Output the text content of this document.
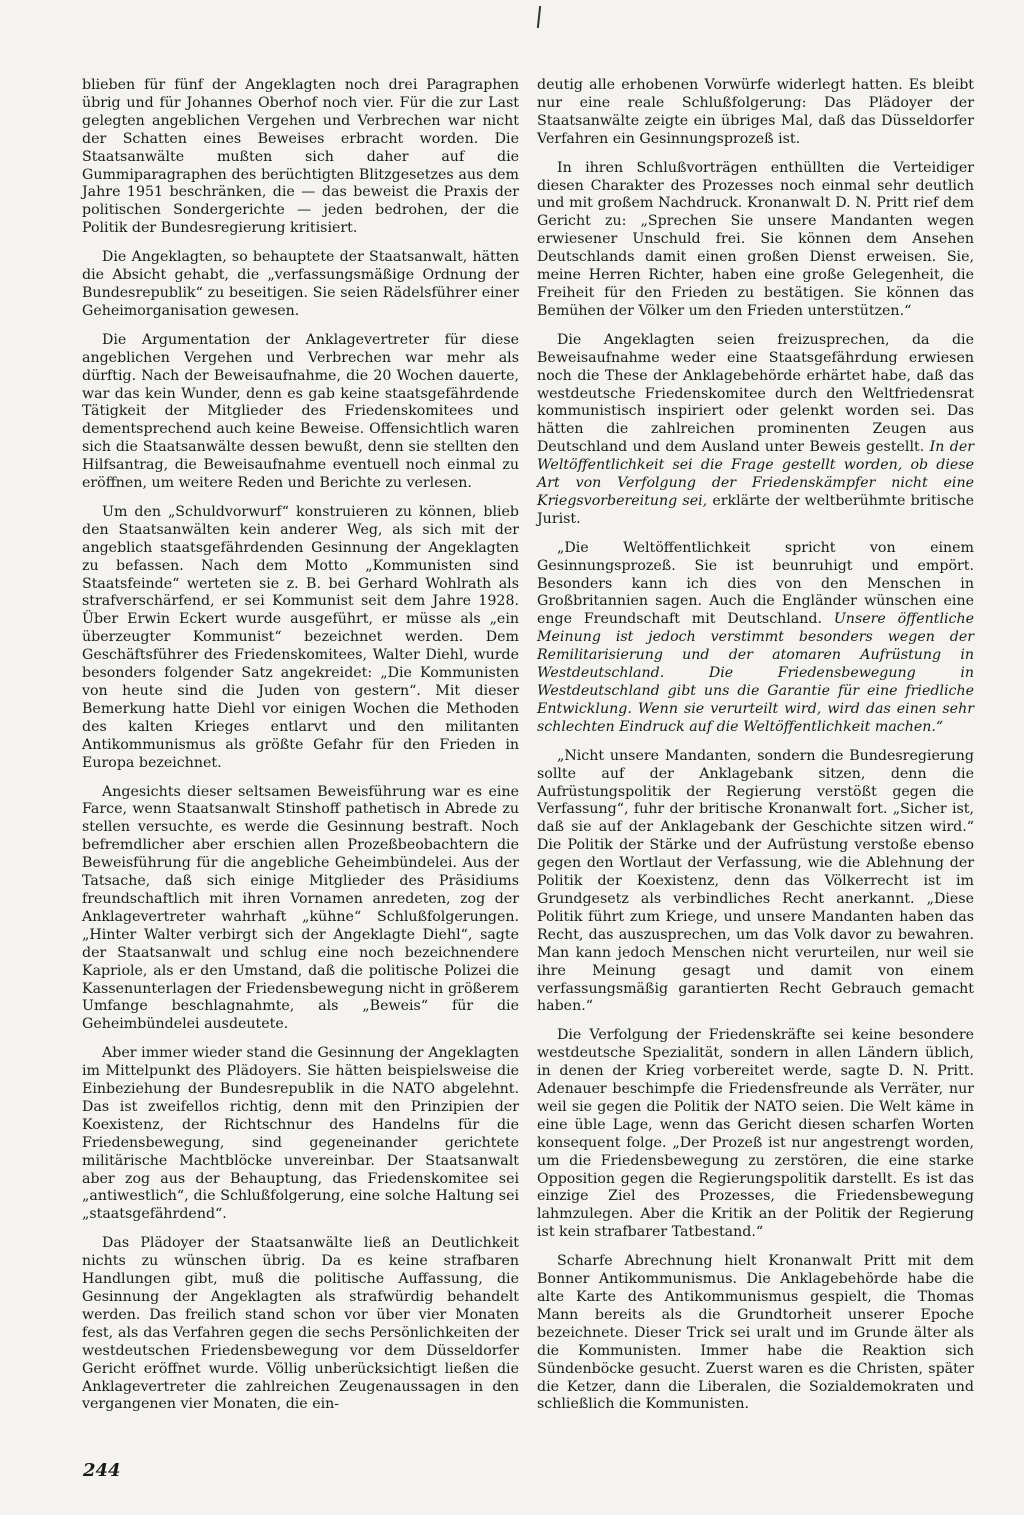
blieben für fünf der Angeklagten noch drei Paragraphen übrig und für Johannes Oberhof noch vier. Für die zur Last gelegten angeblichen Vergehen und Verbrechen war nicht der Schatten eines Beweises erbracht worden. Die Staatsanwälte mußten sich daher auf die Gummiparagraphen des berüchtigten Blitzgesetzes aus dem Jahre 1951 beschränken, die — das beweist die Praxis der politischen Sondergerichte — jeden bedrohen, der die Politik der Bundesregierung kritisiert.

Die Angeklagten, so behauptete der Staatsanwalt, hätten die Absicht gehabt, die „verfassungsmäßige Ordnung der Bundesrepublik“ zu beseitigen. Sie seien Rädelsführer einer Geheimorganisation gewesen.

Die Argumentation der Anklagevertreter für diese angeblichen Vergehen und Verbrechen war mehr als dürftig. Nach der Beweisaufnahme, die 20 Wochen dauerte, war das kein Wunder, denn es gab keine staatsgefährdende Tätigkeit der Mitglieder des Friedenskomitees und dementsprechend auch keine Beweise. Offensichtlich waren sich die Staatsanwälte dessen bewußt, denn sie stellten den Hilfsantrag, die Beweisaufnahme eventuell noch einmal zu eröffnen, um weitere Reden und Berichte zu verlesen.

Um den „Schuldvorwurf“ konstruieren zu können, blieb den Staatsanwälten kein anderer Weg, als sich mit der angeblich staatsgefährdenden Gesinnung der Angeklagten zu befassen. Nach dem Motto „Kommunisten sind Staatsfeinde“ werteten sie z. B. bei Gerhard Wohlrath als strafverschärfend, er sei Kommunist seit dem Jahre 1928. Über Erwin Eckert wurde ausgeführt, er müsse als „ein überzeugter Kommunist“ bezeichnet werden. Dem Geschäftsführer des Friedenskomitees, Walter Diehl, wurde besonders folgender Satz angekreidet: „Die Kommunisten von heute sind die Juden von gestern“. Mit dieser Bemerkung hatte Diehl vor einigen Wochen die Methoden des kalten Krieges entlarvt und den militanten Antikommunismus als größte Gefahr für den Frieden in Europa bezeichnet.

Angesichts dieser seltsamen Beweisführung war es eine Farce, wenn Staatsanwalt Stinshoff pathetisch in Abrede zu stellen versuchte, es werde die Gesinnung bestraft. Noch befremdlicher aber erschien allen Prozeßbeobachtern die Beweisführung für die angebliche Geheimbündelei. Aus der Tatsache, daß sich einige Mitglieder des Präsidiums freundschaftlich mit ihren Vornamen anredeten, zog der Anklagevertreter wahrhaft „kühne“ Schlußfolgerungen. „Hinter Walter verbirgt sich der Angeklagte Diehl“, sagte der Staatsanwalt und schlug eine noch bezeichnendere Kapriole, als er den Umstand, daß die politische Polizei die Kassenunterlagen der Friedensbewegung nicht in größerem Umfange beschlagnahmte, als „Beweis“ für die Geheimbündelei ausdeutete.

Aber immer wieder stand die Gesinnung der Angeklagten im Mittelpunkt des Plädoyers. Sie hätten beispielsweise die Einbeziehung der Bundesrepublik in die NATO abgelehnt. Das ist zweifellos richtig, denn mit den Prinzipien der Koexistenz, der Richtschnur des Handelns für die Friedensbewegung, sind gegeneinander gerichtete militärische Machtblöcke unvereinbar. Der Staatsanwalt aber zog aus der Behauptung, das Friedenskomitee sei „antiwestlich“, die Schlußfolgerung, eine solche Haltung sei „staatsgefährdend“.

Das Plädoyer der Staatsanwälte ließ an Deutlichkeit nichts zu wünschen übrig. Da es keine strafbaren Handlungen gibt, muß die politische Auffassung, die Gesinnung der Angeklagten als strafwürdig behandelt werden. Das freilich stand schon vor über vier Monaten fest, als das Verfahren gegen die sechs Persönlichkeiten der westdeutschen Friedensbewegung vor dem Düsseldorfer Gericht eröffnet wurde. Völlig unberücksichtigt ließen die Anklagevertreter die zahlreichen Zeugenaussagen in den vergangenen vier Monaten, die ein-

deutig alle erhobenen Vorwürfe widerlegt hatten. Es bleibt nur eine reale Schlußfolgerung: Das Plädoyer der Staatsanwälte zeigte ein übriges Mal, daß das Düsseldorfer Verfahren ein Gesinnungsprozeß ist.

In ihren Schlußvorträgen enthüllten die Verteidiger diesen Charakter des Prozesses noch einmal sehr deutlich und mit großem Nachdruck. Kronanwalt D. N. Pritt rief dem Gericht zu: „Sprechen Sie unsere Mandanten wegen erwiesener Unschuld frei. Sie können dem Ansehen Deutschlands damit einen großen Dienst erweisen. Sie, meine Herren Richter, haben eine große Gelegenheit, die Freiheit für den Frieden zu bestätigen. Sie können das Bemühen der Völker um den Frieden unterstützen.“

Die Angeklagten seien freizusprechen, da die Beweisaufnahme weder eine Staatsgefährdung erwiesen noch die These der Anklagebehörde erhärtet habe, daß das westdeutsche Friedenskomitee durch den Weltfriedensrat kommunistisch inspiriert oder gelenkt worden sei. Das hätten die zahlreichen prominenten Zeugen aus Deutschland und dem Ausland unter Beweis gestellt. In der Weltöffentlichkeit sei die Frage gestellt worden, ob diese Art von Verfolgung der Friedenskämpfer nicht eine Kriegsvorbereitung sei, erklärte der weltberühmte britische Jurist.

„Die Weltöffentlichkeit spricht von einem Gesinnungsprozeß. Sie ist beunruhigt und empört. Besonders kann ich dies von den Menschen in Großbritannien sagen. Auch die Engländer wünschen eine enge Freundschaft mit Deutschland. Unsere öffentliche Meinung ist jedoch verstimmt besonders wegen der Remilitarisierung und der atomaren Aufrüstung in Westdeutschland. Die Friedensbewegung in Westdeutschland gibt uns die Garantie für eine friedliche Entwicklung. Wenn sie verurteilt wird, wird das einen sehr schlechten Eindruck auf die Weltöffentlichkeit machen.“

„Nicht unsere Mandanten, sondern die Bundesregierung sollte auf der Anklagebank sitzen, denn die Aufrüstungspolitik der Regierung verstößt gegen die Verfassung“, fuhr der britische Kronanwalt fort. „Sicher ist, daß sie auf der Anklagebank der Geschichte sitzen wird.“ Die Politik der Stärke und der Aufrüstung verstoße ebenso gegen den Wortlaut der Verfassung, wie die Ablehnung der Politik der Koexistenz, denn das Völkerrecht ist im Grundgesetz als verbindliches Recht anerkannt. „Diese Politik führt zum Kriege, und unsere Mandanten haben das Recht, das auszusprechen, um das Volk davor zu bewahren. Man kann jedoch Menschen nicht verurteilen, nur weil sie ihre Meinung gesagt und damit von einem verfassungsmäßig garantierten Recht Gebrauch gemacht haben.“

Die Verfolgung der Friedenskräfte sei keine besondere westdeutsche Spezialität, sondern in allen Ländern üblich, in denen der Krieg vorbereitet werde, sagte D. N. Pritt. Adenauer beschimpfe die Friedensfreunde als Verräter, nur weil sie gegen die Politik der NATO seien. Die Welt käme in eine üble Lage, wenn das Gericht diesen scharfen Worten konsequent folge. „Der Prozeß ist nur angestrengt worden, um die Friedensbewegung zu zerstören, die eine starke Opposition gegen die Regierungspolitik darstellt. Es ist das einzige Ziel des Prozesses, die Friedensbewegung lahmzulegen. Aber die Kritik an der Politik der Regierung ist kein strafbarer Tatbestand.“

Scharfe Abrechnung hielt Kronanwalt Pritt mit dem Bonner Antikommunismus. Die Anklagebehörde habe die alte Karte des Antikommunismus gespielt, die Thomas Mann bereits als die Grundtorheit unserer Epoche bezeichnete. Dieser Trick sei uralt und im Grunde älter als die Kommunisten. Immer habe die Reaktion sich Sündenböcke gesucht. Zuerst waren es die Christen, später die Ketzer, dann die Liberalen, die Sozialdemokraten und schließlich die Kommunisten.

244
